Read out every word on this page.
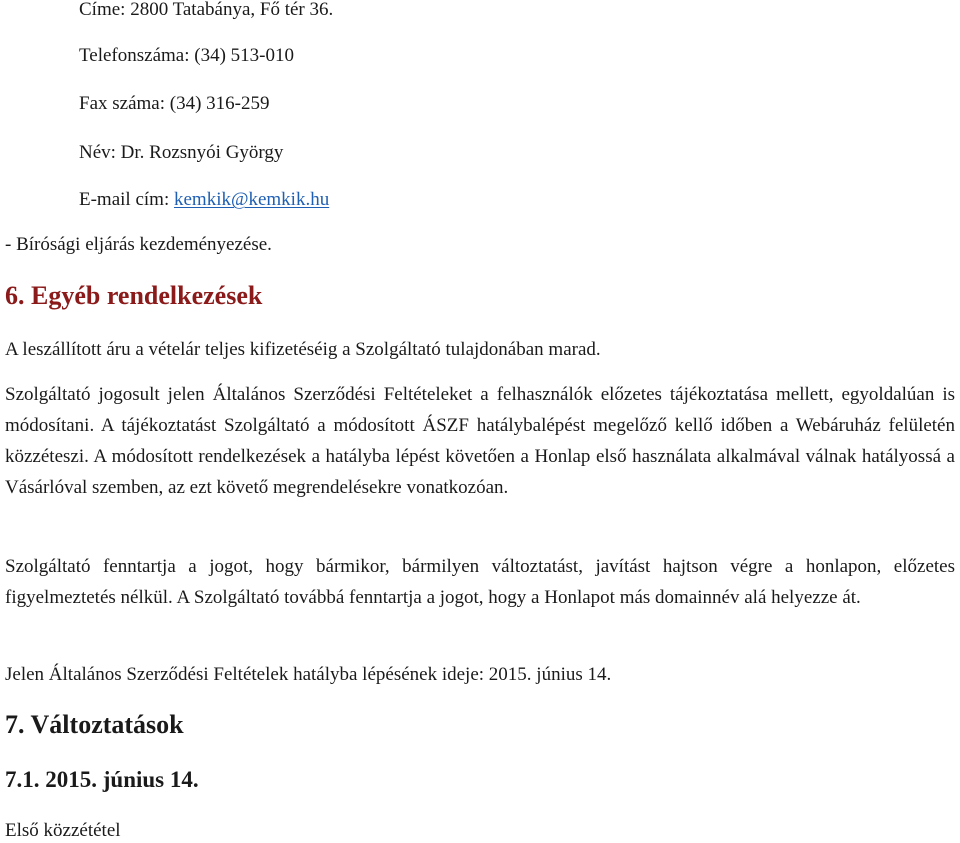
Címe: 2800 Tatabánya, Fő tér 36.
Telefonszáma: (34) 513-010
Fax száma: (34) 316-259
Név: Dr. Rozsnyói György
E-mail cím: kemkik@kemkik.hu
- Bírósági eljárás kezdeményezése.
6. Egyéb rendelkezések
A leszállított áru a vételár teljes kifizetéséig a Szolgáltató tulajdonában marad.

Szolgáltató jogosult jelen Általános Szerződési Feltételeket a felhasználók előzetes tájékoztatása mellett, egyoldalúan is módosítani. A tájékoztatást Szolgáltató a módosított ÁSZF hatálybalépést megelőző kellő időben a Webáruház felületén közzéteszi. A módosított rendelkezések a hatályba lépést követően a Honlap első használata alkalmával válnak hatályossá a Vásárlóval szemben, az ezt követő megrendelésekre vonatkozóan.

Szolgáltató fenntartja a jogot, hogy bármikor, bármilyen változtatást, javítást hajtson végre a honlapon, előzetes figyelmeztetés nélkül. A Szolgáltató továbbá fenntartja a jogot, hogy a Honlapot más domainnév alá helyezze át.

Jelen Általános Szerződési Feltételek hatályba lépésének ideje: 2015. június 14.
7. Változtatások
7.1. 2015. június 14.
Első közzététel
